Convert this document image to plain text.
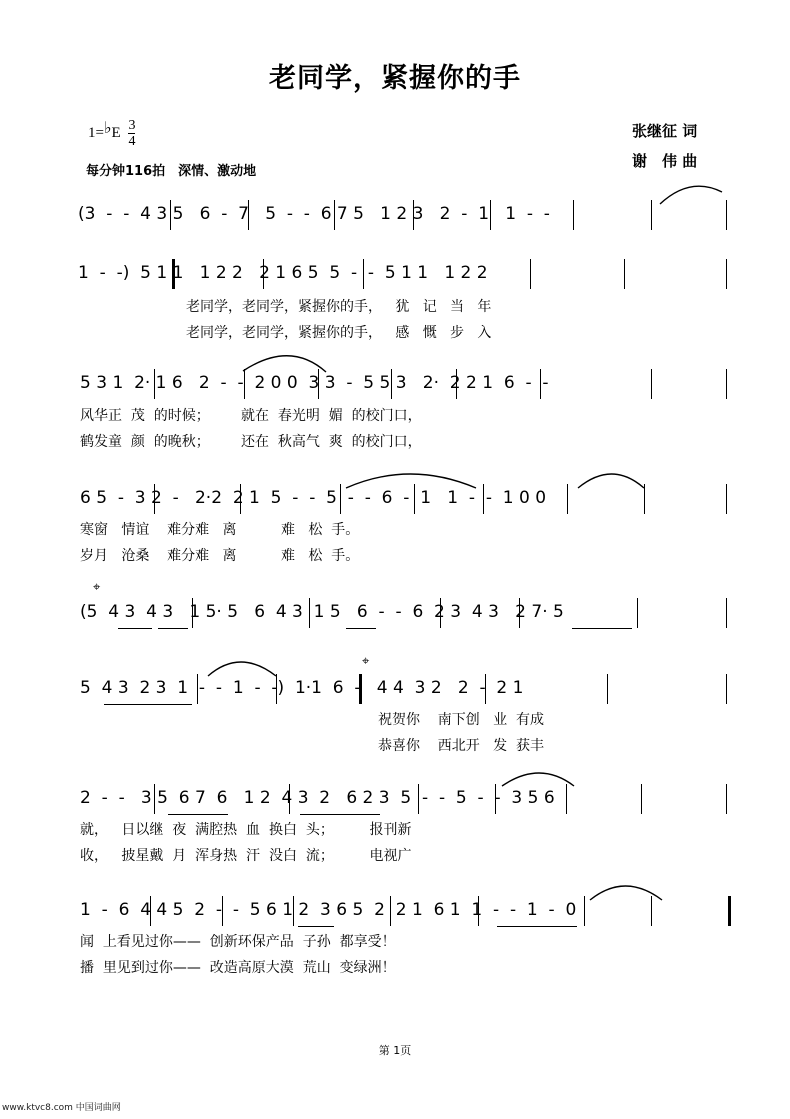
老同学，紧握你的手
1=♭E $\frac{3}{4}$
每分钟116拍　深情、激动地
张继征 词
谢　伟 曲
(3  -  -  4 3 5   6  -  7   5  -  -  6 7 5   1 2 3   2  -  1   1  -  -
1  -  -)  5 1 1   1 2 2   2 1 6 5  5  -  -  5 1 1   1 2 2
老同学，老同学，紧握你的手，   犹   记   当   年
老同学，老同学，紧握你的手，   感   慨   步   入
5 3 1  2· 1 6   2  -  -  2 0 0  3 3  -  5 5 3   2·  2 2 1  6  -  -
风华正  茂  的时候；       就在  春光明  媚  的校门口，
鹤发童  颜  的晚秋；       还在  秋高气  爽  的校门口，
6 5  -  3 2  -   2·2  2 1  5  -  -  5  -  -  6  -  1   1  -  -  1 0 0
寒窗   情谊    难分难   离          难   松  手。
岁月   沧桑    难分难   离          难   松  手。
⌖
(5  4 3  4 3   1 5· 5   6  4 3  1 5   6  -  -  6  2 3  4 3   2 7· 5
⌖
5  4 3  2 3  1  -  -  1  -  -)  1·1  6  -   4 4  3 2   2  -  2 1
祝贺你    南下创   业  有成
恭喜你    西北开   发  获丰
2  -  -   3 5  6 7  6   1 2  4 3  2   6 2 3  5  -  -  5  -  -  3 5 6
就，   日以继  夜  满腔热  血  换白  头；        报刊新
收，   披星戴  月  浑身热  汗  没白  流；        电视广
1  -  6  4 4 5  2  -  -  5 6 1 2  3 6 5  2  2 1  6 1  1  -  -  1  -  0
闻  上看见过你——  创新环保产品  子孙  都享受！
播  里见到过你——  改造高原大漠  荒山  变绿洲！
第 1页
www.ktvc8.com 中国词曲网
